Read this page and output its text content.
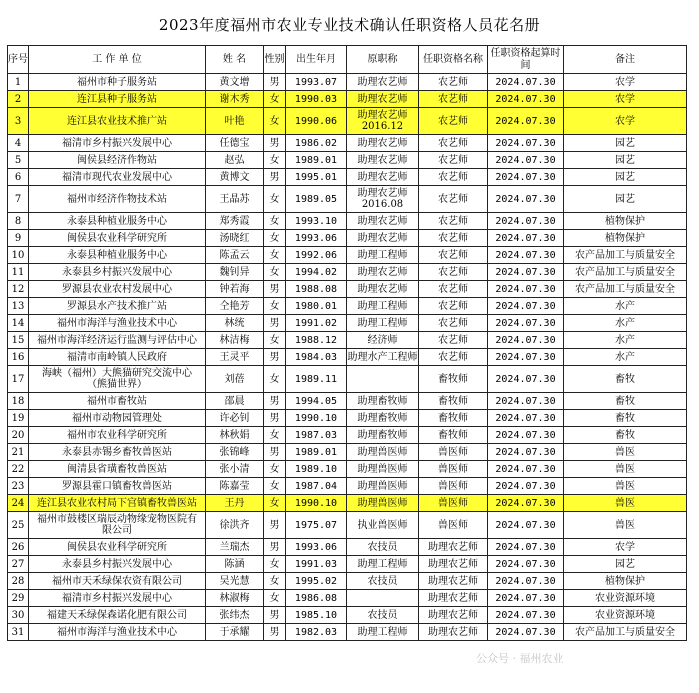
2023年度福州市农业专业技术确认任职资格人员花名册
序号	工 作 单 位	姓 名	性别	出生年月	原职称	任职资格名称	任职资格起算时间	备注
1	福州市种子服务站	黄文增	男	1993.07	助理农艺师	农艺师	2024.07.30	农学
2	连江县种子服务站	谢木秀	女	1990.03	助理农艺师	农艺师	2024.07.30	农学
3	连江县农业技术推广站	叶艳	女	1990.06	助理农艺师
2016.12	农艺师	2024.07.30	农学
4	福清市乡村振兴发展中心	任德宝	男	1986.02	助理农艺师	农艺师	2024.07.30	园艺
5	闽侯县经济作物站	赵弘	女	1989.01	助理农艺师	农艺师	2024.07.30	园艺
6	福清市现代农业发展中心	黄博文	男	1995.01	助理农艺师	农艺师	2024.07.30	园艺
7	福州市经济作物技术站	王晶苏	女	1989.05	助理农艺师
2016.08	农艺师	2024.07.30	园艺
8	永泰县种植业服务中心	郑秀霞	女	1993.10	助理农艺师	农艺师	2024.07.30	植物保护
9	闽侯县农业科学研究所	汤晓红	女	1993.06	助理农艺师	农艺师	2024.07.30	植物保护
10	永泰县种植业服务中心	陈孟云	女	1992.06	助理工程师	农艺师	2024.07.30	农产品加工与质量安全
11	永泰县乡村振兴发展中心	魏钊异	女	1994.02	助理农艺师	农艺师	2024.07.30	农产品加工与质量安全
12	罗源县农业农村发展中心	钟若海	男	1988.08	助理农艺师	农艺师	2024.07.30	农产品加工与质量安全
13	罗源县水产技术推广站	仝艳芳	女	1980.01	助理工程师	农艺师	2024.07.30	水产
14	福州市海洋与渔业技术中心	林统	男	1991.02	助理工程师	农艺师	2024.07.30	水产
15	福州市海洋经济运行监测与评估中心	林洁梅	女	1988.12	经济师	农艺师	2024.07.30	水产
16	福清市南岭镇人民政府	王灵平	男	1984.03	助理水产工程师	农艺师	2024.07.30	水产
17	海峡（福州）大熊猫研究交流中心
（熊猫世界）	刘蓓	女	1989.11		畜牧师	2024.07.30	畜牧
18	福州市畜牧站	邵晨	男	1994.05	助理畜牧师	畜牧师	2024.07.30	畜牧
19	福州市动物园管理处	许必钊	男	1990.10	助理畜牧师	畜牧师	2024.07.30	畜牧
20	福州市农业科学研究所	林秋娟	女	1987.03	助理畜牧师	畜牧师	2024.07.30	畜牧
21	永泰县赤锡乡畜牧兽医站	张锦峰	男	1989.01	助理兽医师	兽医师	2024.07.30	兽医
22	闽清县省璜畜牧兽医站	张小清	女	1989.10	助理兽医师	兽医师	2024.07.30	兽医
23	罗源县霍口镇畜牧兽医站	陈嘉莹	女	1987.04	助理兽医师	兽医师	2024.07.30	兽医
24	连江县农业农村局下宫镇畜牧兽医站	王丹	女	1990.10	助理兽医师	兽医师	2024.07.30	兽医
25	福州市鼓楼区瑞辰动物缘宠物医院有
限公司	徐洪齐	男	1975.07	执业兽医师	兽医师	2024.07.30	兽医
26	闽侯县农业科学研究所	兰瑞杰	男	1993.06	农技员	助理农艺师	2024.07.30	农学
27	永泰县乡村振兴发展中心	陈涵	女	1991.03	助理工程师	助理农艺师	2024.07.30	园艺
28	福州市天禾绿保农资有限公司	吴光慧	女	1995.02	农技员	助理农艺师	2024.07.30	植物保护
29	福清市乡村振兴发展中心	林淑梅	女	1986.08		助理农艺师	2024.07.30	农业资源环境
30	福建天禾绿保森诺化肥有限公司	张纬杰	男	1985.10	农技员	助理农艺师	2024.07.30	农业资源环境
31	福州市海洋与渔业技术中心	于承耀	男	1982.03	助理工程师	助理农艺师	2024.07.30	农产品加工与质量安全
公众号 · 福州农业
